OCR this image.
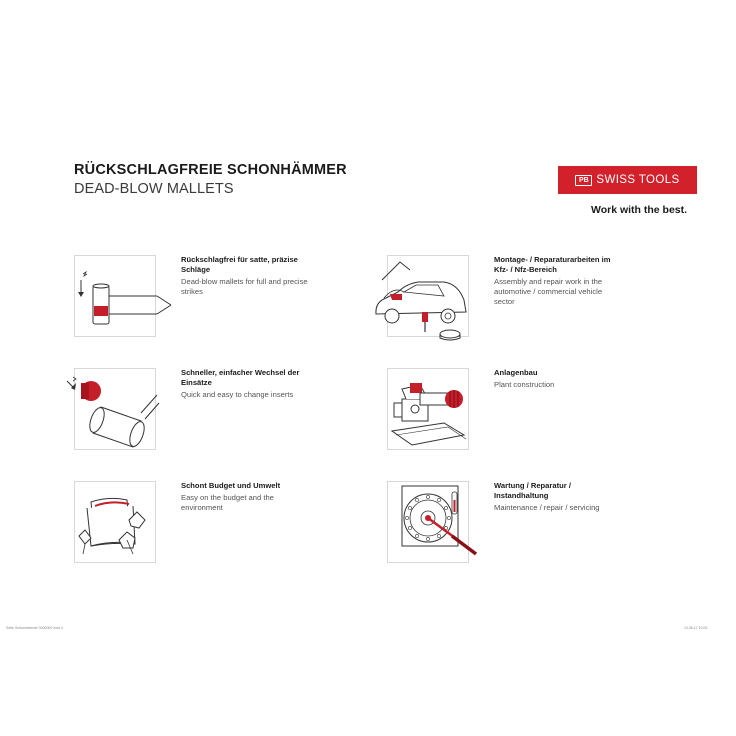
RÜCKSCHLAGFREIE SCHONHÄMMER
DEAD-BLOW MALLETS
PB SWISS TOOLS
Work with the best.
Rückschlagfrei für satte, präzise Schläge
Dead-blow mallets for full and precise strikes
Montage- / Reparaturarbeiten im Kfz- / Nfz-Bereich
Assembly and repair work in the automotive / commercial vehicle sector
Schneller, einfacher Wechsel der Einsätze
Quick and easy to change inserts
Anlagenbau
Plant construction
Schont Budget und Umwelt
Easy on the budget and the environment
Wartung / Reparatur / Instandhaltung
Maintenance / repair / servicing
Seite Schonhämmer 0000000 indd 4	14.06.17 10:00
